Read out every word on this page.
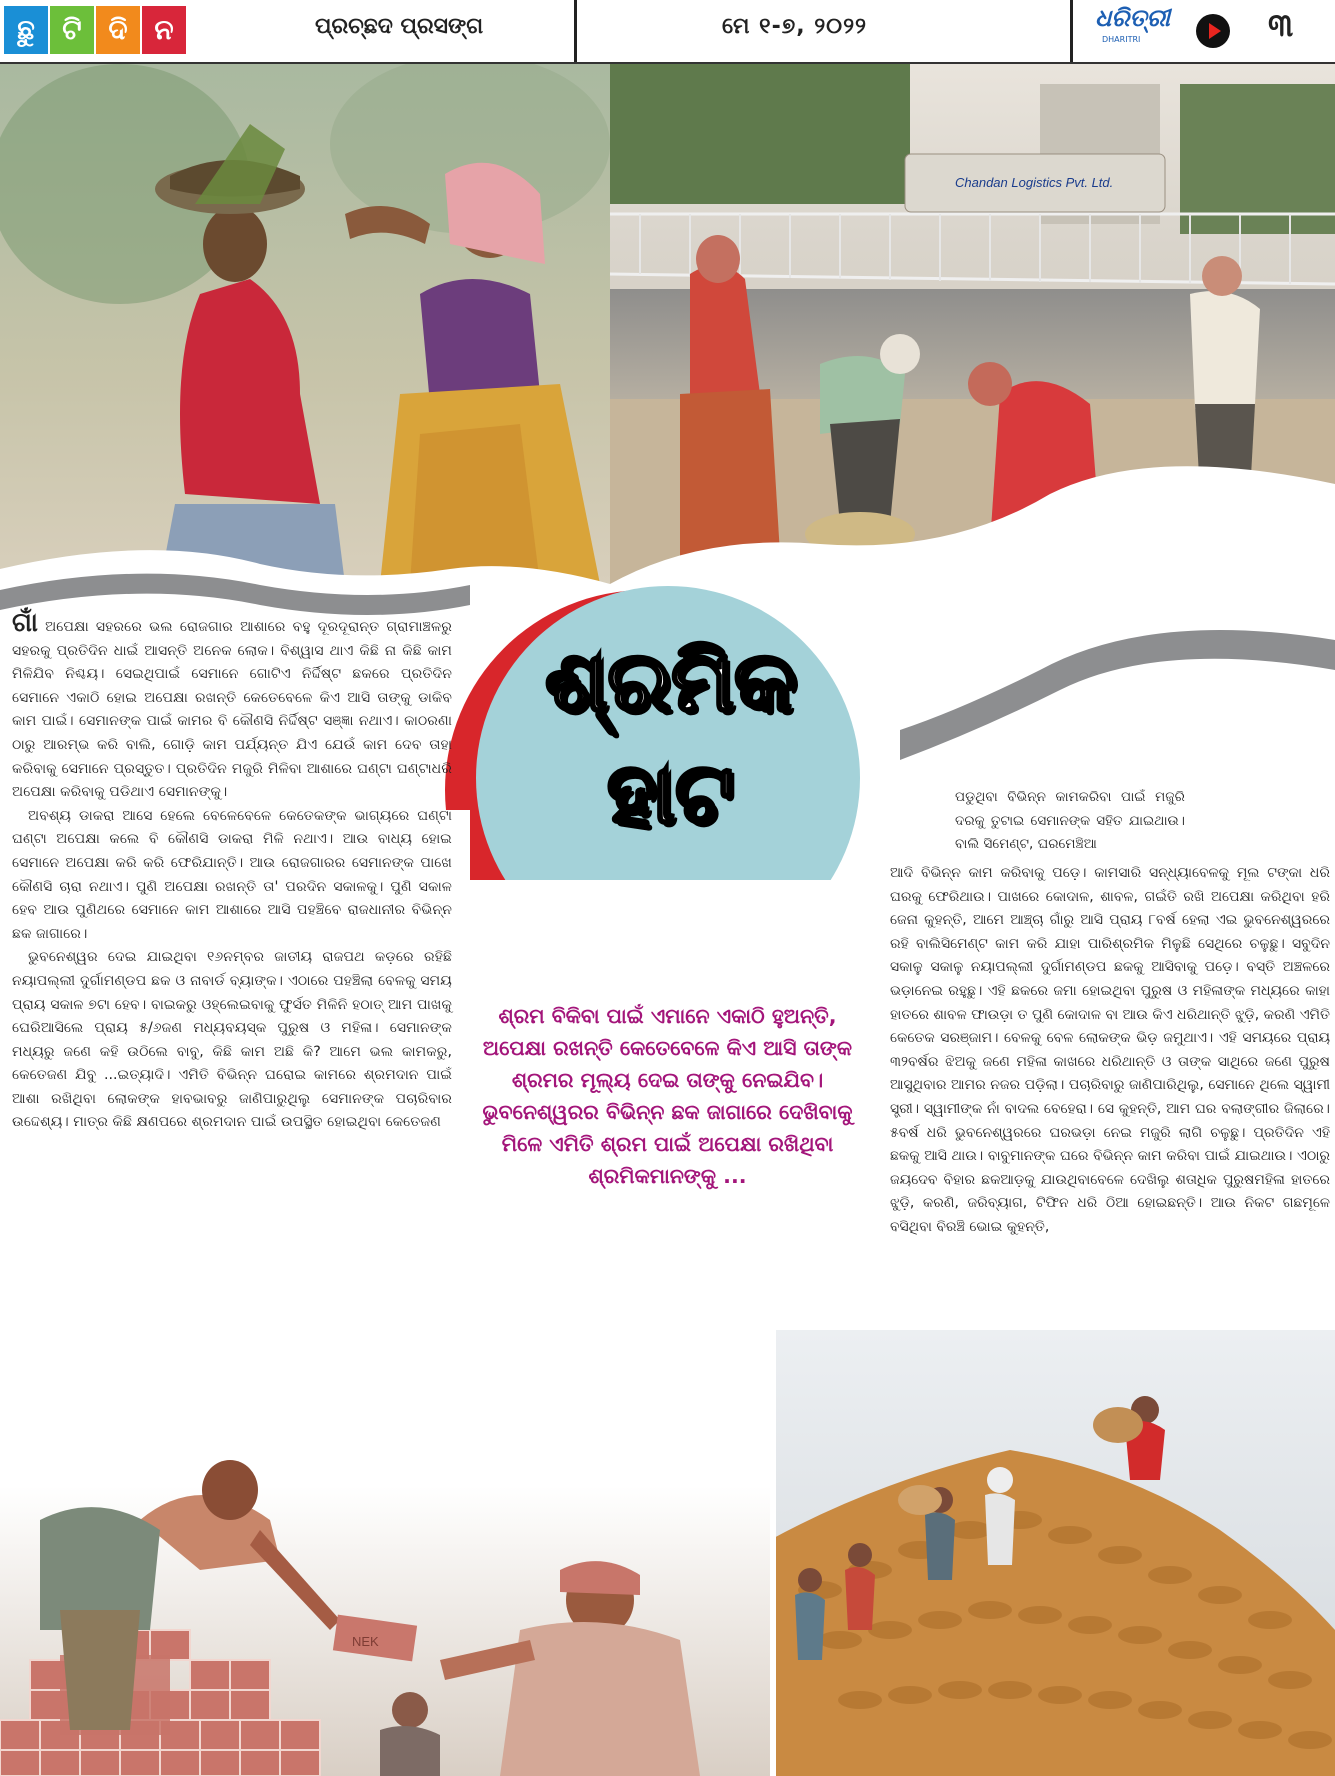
ଛୁ ଟି ଦି ନ	ପ୍ରଚ୍ଛଦ ପ୍ରସଙ୍ଗ	ମେ ୧-୭, ୨୦୨୨	ଧରିତ୍ରୀ
DHARITRI	୩
Chandan Logistics Pvt. Ltd.
ଶ୍ରମିକ
ହାଟ

ଗାଁ ଅପେକ୍ଷା ସହରରେ ଭଲ ରୋଜଗାର ଆଶାରେ ବହୁ ଦୂରଦୂରାନ୍ତ ଗ୍ରାମାଞ୍ଚଳରୁ ସହରକୁ ପ୍ରତିଦିନ ଧାଇଁ ଆସନ୍ତି ଅନେକ ଲୋକ। ବିଶ୍ୱାସ ଥାଏ କିଛି ନା କିଛି କାମ ମିଳିଯିବ ନିଶ୍ଚୟ। ସେଇଥିପାଇଁ ସେମାନେ ଗୋଟିଏ ନିର୍ଦ୍ଦିଷ୍ଟ ଛକରେ ପ୍ରତିଦିନ ସେମାନେ ଏକାଠି ହୋଇ ଅପେକ୍ଷା ରଖନ୍ତି କେତେବେଳେ କିଏ ଆସି ତାଙ୍କୁ ଡାକିବ କାମ ପାଇଁ। ସେମାନଙ୍କ ପାଇଁ କାମର ବି କୌଣସି ନିର୍ଦ୍ଦିଷ୍ଟ ସଞ୍ଜ୍ଞା ନଥାଏ। କାଠରଣା ଠାରୁ ଆରମ୍ଭ କରି ବାଲି, ଗୋଡ଼ି କାମ ପର୍ଯ୍ୟନ୍ତ ଯିଏ ଯେଉଁ କାମ ଦେବ ତାହା କରିବାକୁ ସେମାନେ ପ୍ରସ୍ତୁତ। ପ୍ରତିଦିନ ମଜୁରି ମିଳିବା ଆଶାରେ ଘଣ୍ଟା ଘଣ୍ଟାଧରି ଅପେକ୍ଷା କରିବାକୁ ପଡିଥାଏ ସେମାନଙ୍କୁ।

ଅବଶ୍ୟ ଡାକରା ଆସେ ହେଲେ ବେଳେବେଳେ କେତେକଙ୍କ ଭାଗ୍ୟରେ ଘଣ୍ଟା ଘଣ୍ଟା ଅପେକ୍ଷା କଲେ ବି କୌଣସି ଡାକରା ମିଳି ନଥାଏ। ଆଉ ବାଧ୍ୟ ହୋଇ ସେମାନେ ଅପେକ୍ଷା କରି କରି ଫେରିଯାନ୍ତି। ଆଉ ରୋଜଗାରର ସେମାନଙ୍କ ପାଖେ କୌଣସି ଚାରା ନଥାଏ। ପୁଣି ଅପେକ୍ଷା ରଖନ୍ତି ତା' ପରଦିନ ସକାଳକୁ। ପୁଣି ସକାଳ ହେବ ଆଉ ପୁଣିଥରେ ସେମାନେ କାମ ଆଶାରେ ଆସି ପହଞ୍ଚିବେ ରାଜଧାନୀର ବିଭିନ୍ନ ଛକ ଜାଗାରେ।

ଭୁବନେଶ୍ୱର ଦେଇ ଯାଇଥିବା ୧୬ନମ୍ବର ଜାତୀୟ ରାଜପଥ କଡ଼ରେ ରହିଛି ନୟାପଲ୍ଲୀ ଦୁର୍ଗାମଣ୍ଡପ ଛକ ଓ ନାବାର୍ଡ ବ୍ୟାଙ୍କ। ଏଠାରେ ପହଞ୍ଚିଲା ବେଳକୁ ସମୟ ପ୍ରାୟ ସକାଳ ୭ଟା ହେବ। ବାଇକରୁ ଓହ୍ଲେଇବାକୁ ଫୁର୍ସତ ମିଳିନି ହଠାତ୍ ଆମ ପାଖକୁ ଘେରିଆସିଲେ ପ୍ରାୟ ୫/୬ଜଣ ମଧ୍ୟବୟସ୍କ ପୁରୁଷ ଓ ମହିଳା। ସେମାନଙ୍କ ମଧ୍ୟରୁ ଜଣେ କହି ଉଠିଲେ ବାବୁ, କିଛି କାମ ଅଛି କି? ଆମେ ଭଲ କାମକରୁ, କେତେଜଣ ଯିବୁ ...ଇତ୍ୟାଦି। ଏମିତି ବିଭିନ୍ନ ଘରୋଇ କାମରେ ଶ୍ରମଦାନ ପାଇଁ ଆଶା ରଖିଥିବା ଲୋକଙ୍କ ହାବଭାବରୁ ଜାଣିପାରୁଥିଲୁ ସେମାନଙ୍କ ପଚାରିବାର ଉଦ୍ଦେଶ୍ୟ। ମାତ୍ର କିଛି କ୍ଷଣପରେ ଶ୍ରମଦାନ ପାଇଁ ଉପସ୍ଥିତ ହୋଇଥିବା କେତେଜଣ

ପଡୁଥିବା ବିଭିନ୍ନ କାମକରିବା ପାଇଁ ମଜୁରି ଦରକୁ ତୁଟାଇ ସେମାନଙ୍କ ସହିତ ଯାଇଥାଉ। ବାଲି ସିମେଣ୍ଟ, ଘରମେଞ୍ଚିଆ

ଆଦି ବିଭିନ୍ନ କାମ କରିବାକୁ ପଡ଼େ। କାମସାରି ସନ୍ଧ୍ୟାବେଳକୁ ମୂଲ ଟଙ୍କା ଧରି ଘରକୁ ଫେରିଥାଉ। ପାଖରେ କୋଦାଳ, ଶାବଳ, ଗଇଁତି ରଖି ଅପେକ୍ଷା କରିଥିବା ହରି ଜେନା କୁହନ୍ତି, ଆମେ ଆଞ୍ଚ୍ଚା ଗାଁରୁ ଆସି ପ୍ରାୟ ୮ବର୍ଷ ହେଲା ଏଇ ଭୁବନେଶ୍ୱରରେ ରହି ବାଲିସିମେଣ୍ଟ କାମ କରି ଯାହା ପାରିଶ୍ରମିକ ମିଳୁଛି ସେଥିରେ ଚଳୁଛୁ। ସବୁଦିନ ସକାଳୁ ସକାଳୁ ନୟାପଲ୍ଲୀ ଦୁର୍ଗାମଣ୍ଡପ ଛକକୁ ଆସିବାକୁ ପଡ଼େ। ବସ୍ତି ଅଞ୍ଚଳରେ ଭଡ଼ାନେଇ ରହୁଛୁ। ଏହି ଛକରେ ଜମା ହୋଇଥିବା ପୁରୁଷ ଓ ମହିଳାଙ୍କ ମଧ୍ୟରେ କାହା ହାତରେ ଶାବଳ ଫାଉଡ଼ା ତ ପୁଣି କୋଦାଳ ବା ଆଉ କିଏ ଧରିଥାନ୍ତି ଝୁଡ଼ି, କରଣି ଏମିତି କେତେକ ସରଞ୍ଜାମ। ବେଳକୁ ବେଳ ଲୋକଙ୍କ ଭିଡ଼ ଜମୁଥାଏ। ଏହି ସମୟରେ ପ୍ରାୟ ୩୨ବର୍ଷର ଝିଅକୁ ଜଣେ ମହିଳା କାଖରେ ଧରିଥାନ୍ତି ଓ ତାଙ୍କ ସାଥିରେ ଜଣେ ପୁରୁଷ ଆସୁଥିବାର ଆମର ନଜର ପଡ଼ିଲା। ପଚାରିବାରୁ ଜାଣିପାରିଥିଲୁ, ସେମାନେ ଥିଲେ ସ୍ୱାମୀ ସ୍ତ୍ରୀ। ସ୍ୱାମୀଙ୍କ ନାଁ ବାଦଲ ବେହେରା। ସେ କୁହନ୍ତି, ଆମ ଘର ବଲାଙ୍ଗୀର ଜିଲାରେ। ୫ବର୍ଷ ଧରି ଭୁବନେଶ୍ୱରରେ ଘରଭଡ଼ା ନେଇ ମଜୁରି ଲାଗି ଚଳୁଛୁ। ପ୍ରତିଦିନ ଏହି ଛକକୁ ଆସି ଥାଉ। ବାବୁମାନଙ୍କ ଘରେ ବିଭିନ୍ନ କାମ କରିବା ପାଇଁ ଯାଇଥାଉ। ଏଠାରୁ ଜୟଦେବ ବିହାର ଛକଆଡ଼କୁ ଯାଉଥିବାବେଳେ ଦେଖିଲୁ ଶତାଧିକ ପୁରୁଷମହିଳା ହାତରେ ଝୁଡ଼ି, କରଣି, ଜରିବ୍ୟାଗ, ଟିଫିନ ଧରି ଠିଆ ହୋଇଛନ୍ତି। ଆଉ ନିକଟ ଗଛମୂଳେ ବସିଥିବା ବିରଞ୍ଚି ଭୋଇ କୁହନ୍ତି,

ଶ୍ରମ ବିକିବା ପାଇଁ ଏମାନେ ଏକାଠି ହୁଅନ୍ତି, ଅପେକ୍ଷା ରଖନ୍ତି କେତେବେଳେ କିଏ ଆସି ତାଙ୍କ ଶ୍ରମର ମୂଲ୍ୟ ଦେଇ ତାଙ୍କୁ ନେଇଯିବ। ଭୁବନେଶ୍ୱରର ବିଭିନ୍ନ ଛକ ଜାଗାରେ ଦେଖିବାକୁ ମିଳେ ଏମିତି ଶ୍ରମ ପାଇଁ ଅପେକ୍ଷା ରଖିଥିବା ଶ୍ରମିକମାନଙ୍କୁ ...
NEK
